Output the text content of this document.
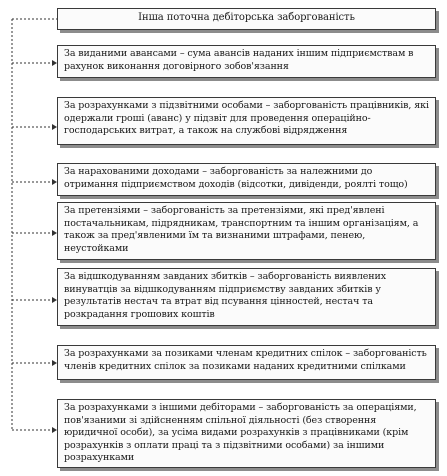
Інша поточна дебіторська заборгованість
За виданими авансами – сума авансів наданих іншим підприємствам в рахунок виконання договірного зобов'язання
За розрахунками з підзвітними особами – заборгованість працівників, які одержали гроші (аванс) у підзвіт для проведення операційно-господарських витрат, а також на службові відрядження
За нарахованими доходами – заборгованість за належними до отримання підприємством доходів (відсотки, дивіденди, роялті тощо)
За претензіями – заборгованість за претензіями, які пред'явлені постачальникам, підрядникам, транспортним та іншим організаціям, а також за пред'явленими їм та визнаними штрафами, пенею, неустойками
За відшкодуванням завданих збитків – заборгованість виявлених винуватців за відшкодуванням підприємству завданих збитків у результатів нестач та втрат від псування цінностей, нестач та розкрадання грошових коштів
За розрахунками за позиками членам кредитних спілок – заборгованість членів кредитних спілок за позиками наданих кредитними спілками
За розрахунками з іншими дебіторами – заборгованість за операціями, пов'язаними зі здійсненням спільної діяльності (без створення юридичної особи), за усіма видами розрахунків з працівниками (крім розрахунків з оплати праці та з підзвітними особами) за іншими розрахунками
